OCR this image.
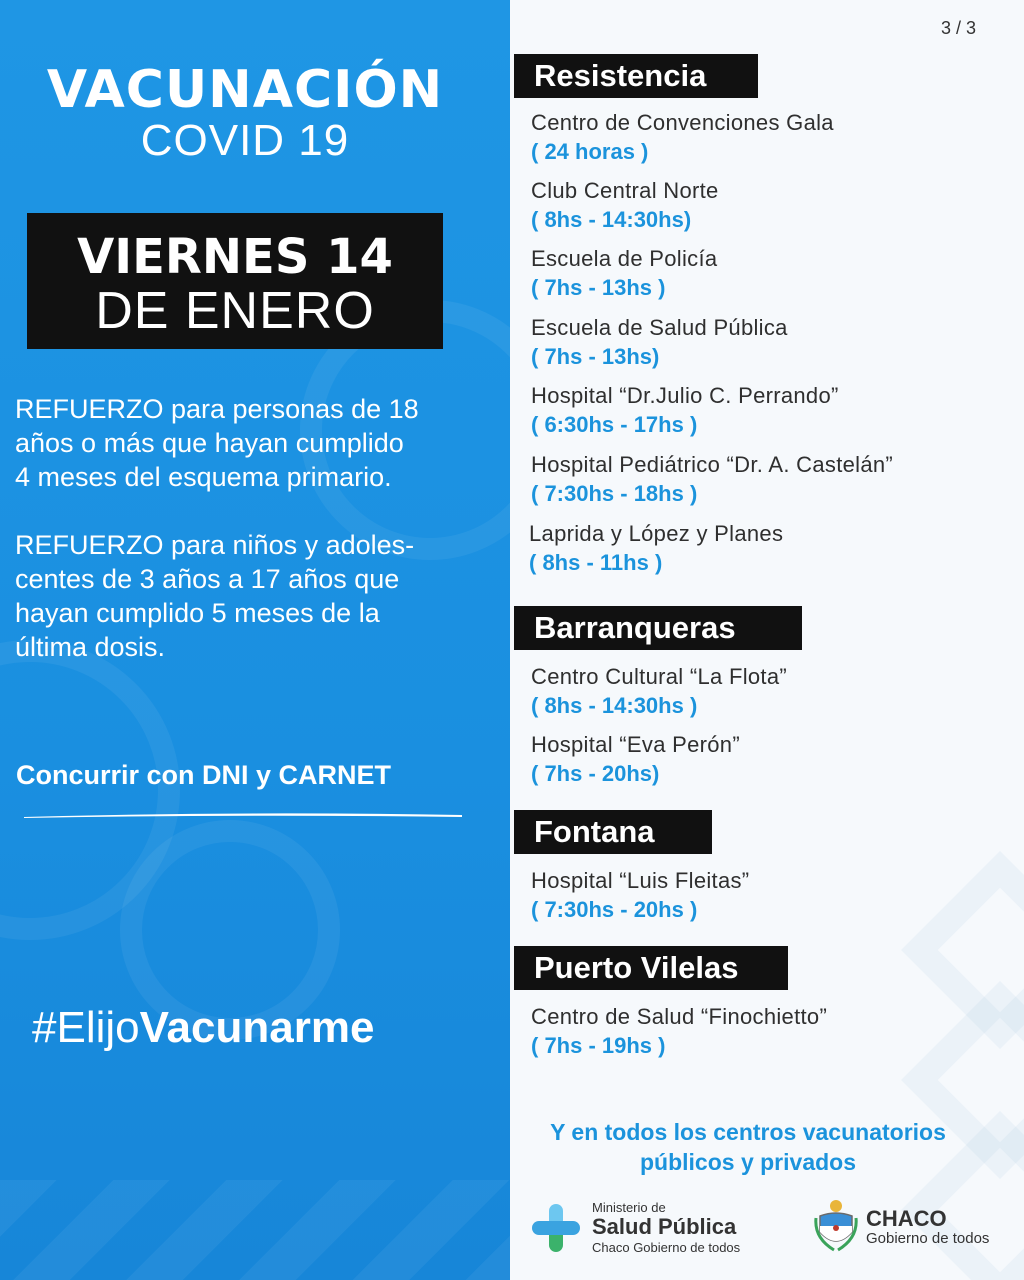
VACUNACIÓN
COVID 19
VIERNES 14
DE ENERO
REFUERZO para personas de 18
años o más que hayan cumplido
4 meses del esquema primario.
REFUERZO para niños y adoles-
centes de 3 años a 17 años que
hayan cumplido 5 meses de la
última dosis.
Concurrir con DNI y CARNET
#ElijoVacunarme
3 / 3
Resistencia
Centro de Convenciones Gala
( 24 horas )
Club Central Norte
( 8hs - 14:30hs)
Escuela de Policía
( 7hs - 13hs )
Escuela de Salud Pública
( 7hs - 13hs)
Hospital “Dr.Julio C. Perrando”
( 6:30hs - 17hs )
Hospital Pediátrico “Dr. A. Castelán”
( 7:30hs - 18hs )
Laprida y López y Planes
( 8hs - 11hs )
Barranqueras
Centro Cultural “La Flota”
( 8hs - 14:30hs )
Hospital “Eva Perón”
( 7hs - 20hs)
Fontana
Hospital “Luis Fleitas”
( 7:30hs - 20hs )
Puerto Vilelas
Centro de Salud “Finochietto”
( 7hs - 19hs )
Y en todos los centros vacunatorios
públicos y privados
Ministerio de
Salud Pública
Chaco Gobierno de todos
CHACO
Gobierno de todos
